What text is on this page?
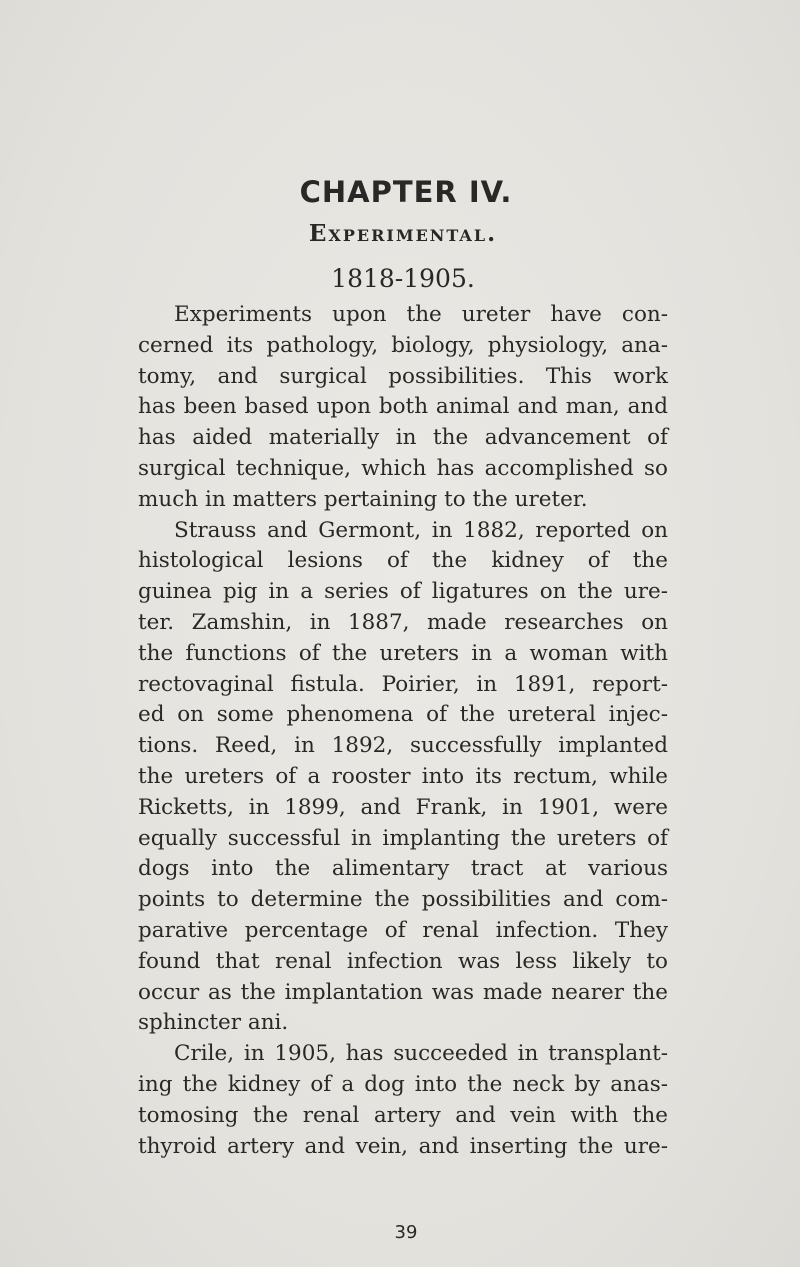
CHAPTER IV.
Experimental.
1818-1905.

Experiments upon the ureter have con-
cerned its pathology, biology, physiology, ana-
tomy, and surgical possibilities. This work
has been based upon both animal and man, and
has aided materially in the advancement of
surgical technique, which has accomplished so
much in matters pertaining to the ureter.

Strauss and Germont, in 1882, reported on
histological lesions of the kidney of the
guinea pig in a series of ligatures on the ure-
ter. Zamshin, in 1887, made researches on
the functions of the ureters in a woman with
rectovaginal fistula. Poirier, in 1891, report-
ed on some phenomena of the ureteral injec-
tions. Reed, in 1892, successfully implanted
the ureters of a rooster into its rectum, while
Ricketts, in 1899, and Frank, in 1901, were
equally successful in implanting the ureters of
dogs into the alimentary tract at various
points to determine the possibilities and com-
parative percentage of renal infection. They
found that renal infection was less likely to
occur as the implantation was made nearer the
sphincter ani.

Crile, in 1905, has succeeded in transplant-
ing the kidney of a dog into the neck by anas-
tomosing the renal artery and vein with the
thyroid artery and vein, and inserting the ure-

39
